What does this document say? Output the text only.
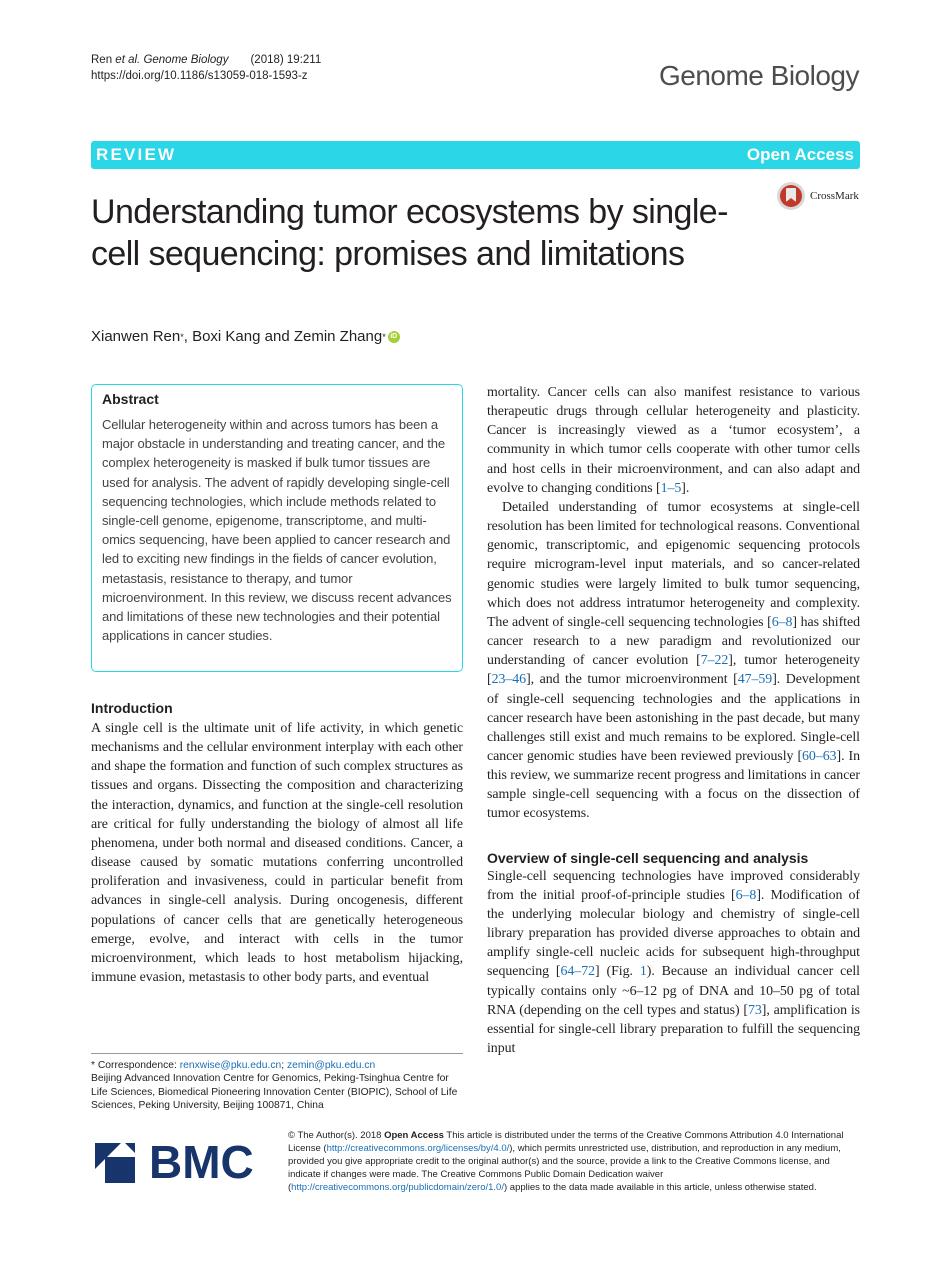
Ren et al. Genome Biology (2018) 19:211
https://doi.org/10.1186/s13059-018-1593-z	Genome Biology
REVIEW	Open Access
CrossMark
Understanding tumor ecosystems by single-cell sequencing: promises and limitations
Xianwen Ren * , Boxi Kang and Zemin Zhang * iD
Abstract

Cellular heterogeneity within and across tumors has been a major obstacle in understanding and treating cancer, and the complex heterogeneity is masked if bulk tumor tissues are used for analysis. The advent of rapidly developing single-cell sequencing technologies, which include methods related to single-cell genome, epigenome, transcriptome, and multi-omics sequencing, have been applied to cancer research and led to exciting new findings in the fields of cancer evolution, metastasis, resistance to therapy, and tumor microenvironment. In this review, we discuss recent advances and limitations of these new technologies and their potential applications in cancer studies.

Introduction

A single cell is the ultimate unit of life activity, in which genetic mechanisms and the cellular environment interplay with each other and shape the formation and function of such complex structures as tissues and organs. Dissecting the composition and characterizing the interaction, dynamics, and function at the single-cell resolution are critical for fully understanding the biology of almost all life phenomena, under both normal and diseased conditions. Cancer, a disease caused by somatic mutations conferring uncontrolled proliferation and invasiveness, could in particular benefit from advances in single-cell analysis. During oncogenesis, different populations of cancer cells that are genetically heterogeneous emerge, evolve, and interact with cells in the tumor microenvironment, which leads to host metabolism hijacking, immune evasion, metastasis to other body parts, and eventual

* Correspondence: renxwise@pku.edu.cn; zemin@pku.edu.cn
Beijing Advanced Innovation Centre for Genomics, Peking-Tsinghua Centre for Life Sciences, Biomedical Pioneering Innovation Center (BIOPIC), School of Life Sciences, Peking University, Beijing 100871, China

mortality. Cancer cells can also manifest resistance to various therapeutic drugs through cellular heterogeneity and plasticity. Cancer is increasingly viewed as a ‘tumor ecosystem’, a community in which tumor cells cooperate with other tumor cells and host cells in their microenvironment, and can also adapt and evolve to changing conditions [1–5].

Detailed understanding of tumor ecosystems at single-cell resolution has been limited for technological reasons. Conventional genomic, transcriptomic, and epigenomic sequencing protocols require microgram-level input materials, and so cancer-related genomic studies were largely limited to bulk tumor sequencing, which does not address intratumor heterogeneity and complexity. The advent of single-cell sequencing technologies [6–8] has shifted cancer research to a new paradigm and revolutionized our understanding of cancer evolution [7–22], tumor heterogeneity [23–46], and the tumor microenvironment [47–59]. Development of single-cell sequencing technologies and the applications in cancer research have been astonishing in the past decade, but many challenges still exist and much remains to be explored. Single-cell cancer genomic studies have been reviewed previously [60–63]. In this review, we summarize recent progress and limitations in cancer sample single-cell sequencing with a focus on the dissection of tumor ecosystems.

Overview of single-cell sequencing and analysis

Single-cell sequencing technologies have improved considerably from the initial proof-of-principle studies [6–8]. Modification of the underlying molecular biology and chemistry of single-cell library preparation has provided diverse approaches to obtain and amplify single-cell nucleic acids for subsequent high-throughput sequencing [64–72] (Fig. 1). Because an individual cancer cell typically contains only ~6–12 pg of DNA and 10–50 pg of total RNA (depending on the cell types and status) [73], amplification is essential for single-cell library preparation to fulfill the sequencing input

BMC	© The Author(s). 2018 Open Access This article is distributed under the terms of the Creative Commons Attribution 4.0 International License (http://creativecommons.org/licenses/by/4.0/), which permits unrestricted use, distribution, and reproduction in any medium, provided you give appropriate credit to the original author(s) and the source, provide a link to the Creative Commons license, and indicate if changes were made. The Creative Commons Public Domain Dedication waiver (http://creativecommons.org/publicdomain/zero/1.0/) applies to the data made available in this article, unless otherwise stated.
